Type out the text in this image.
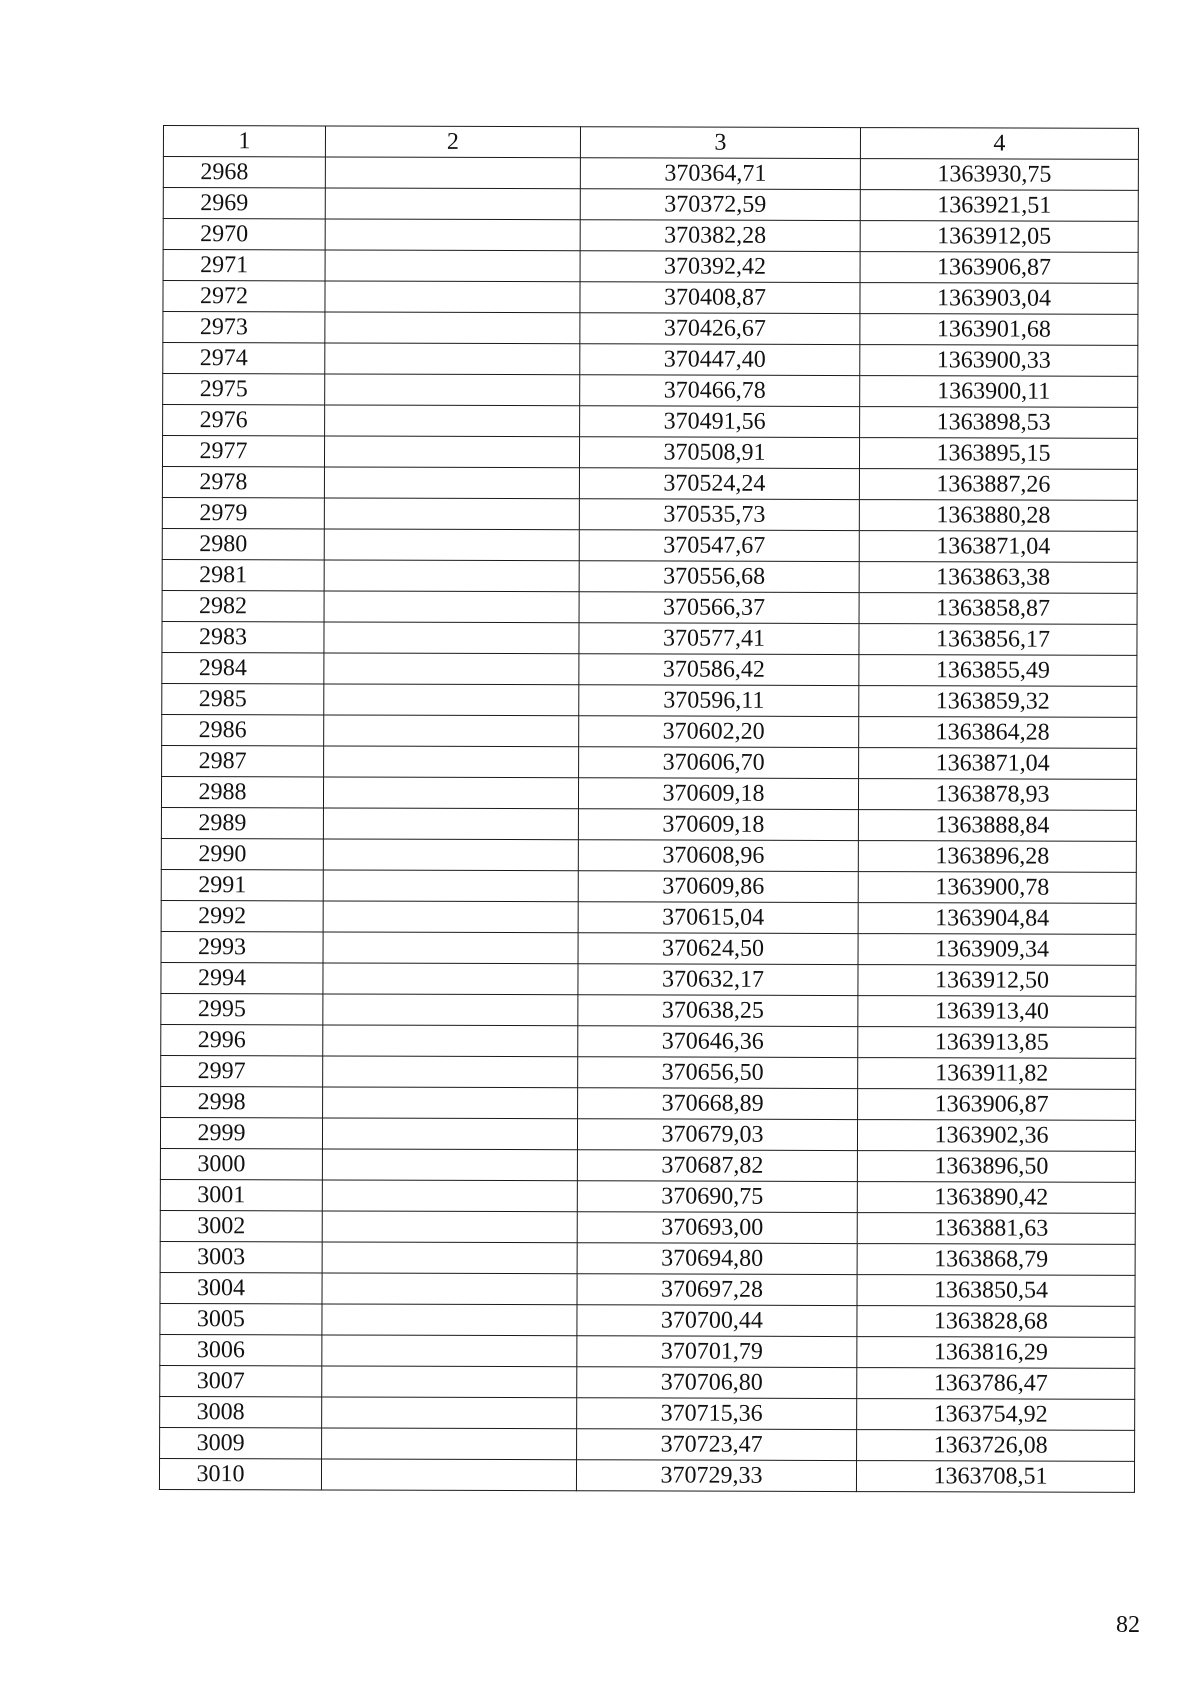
1	2	3	4
2968		370364,71	1363930,75
2969		370372,59	1363921,51
2970		370382,28	1363912,05
2971		370392,42	1363906,87
2972		370408,87	1363903,04
2973		370426,67	1363901,68
2974		370447,40	1363900,33
2975		370466,78	1363900,11
2976		370491,56	1363898,53
2977		370508,91	1363895,15
2978		370524,24	1363887,26
2979		370535,73	1363880,28
2980		370547,67	1363871,04
2981		370556,68	1363863,38
2982		370566,37	1363858,87
2983		370577,41	1363856,17
2984		370586,42	1363855,49
2985		370596,11	1363859,32
2986		370602,20	1363864,28
2987		370606,70	1363871,04
2988		370609,18	1363878,93
2989		370609,18	1363888,84
2990		370608,96	1363896,28
2991		370609,86	1363900,78
2992		370615,04	1363904,84
2993		370624,50	1363909,34
2994		370632,17	1363912,50
2995		370638,25	1363913,40
2996		370646,36	1363913,85
2997		370656,50	1363911,82
2998		370668,89	1363906,87
2999		370679,03	1363902,36
3000		370687,82	1363896,50
3001		370690,75	1363890,42
3002		370693,00	1363881,63
3003		370694,80	1363868,79
3004		370697,28	1363850,54
3005		370700,44	1363828,68
3006		370701,79	1363816,29
3007		370706,80	1363786,47
3008		370715,36	1363754,92
3009		370723,47	1363726,08
3010		370729,33	1363708,51
82
